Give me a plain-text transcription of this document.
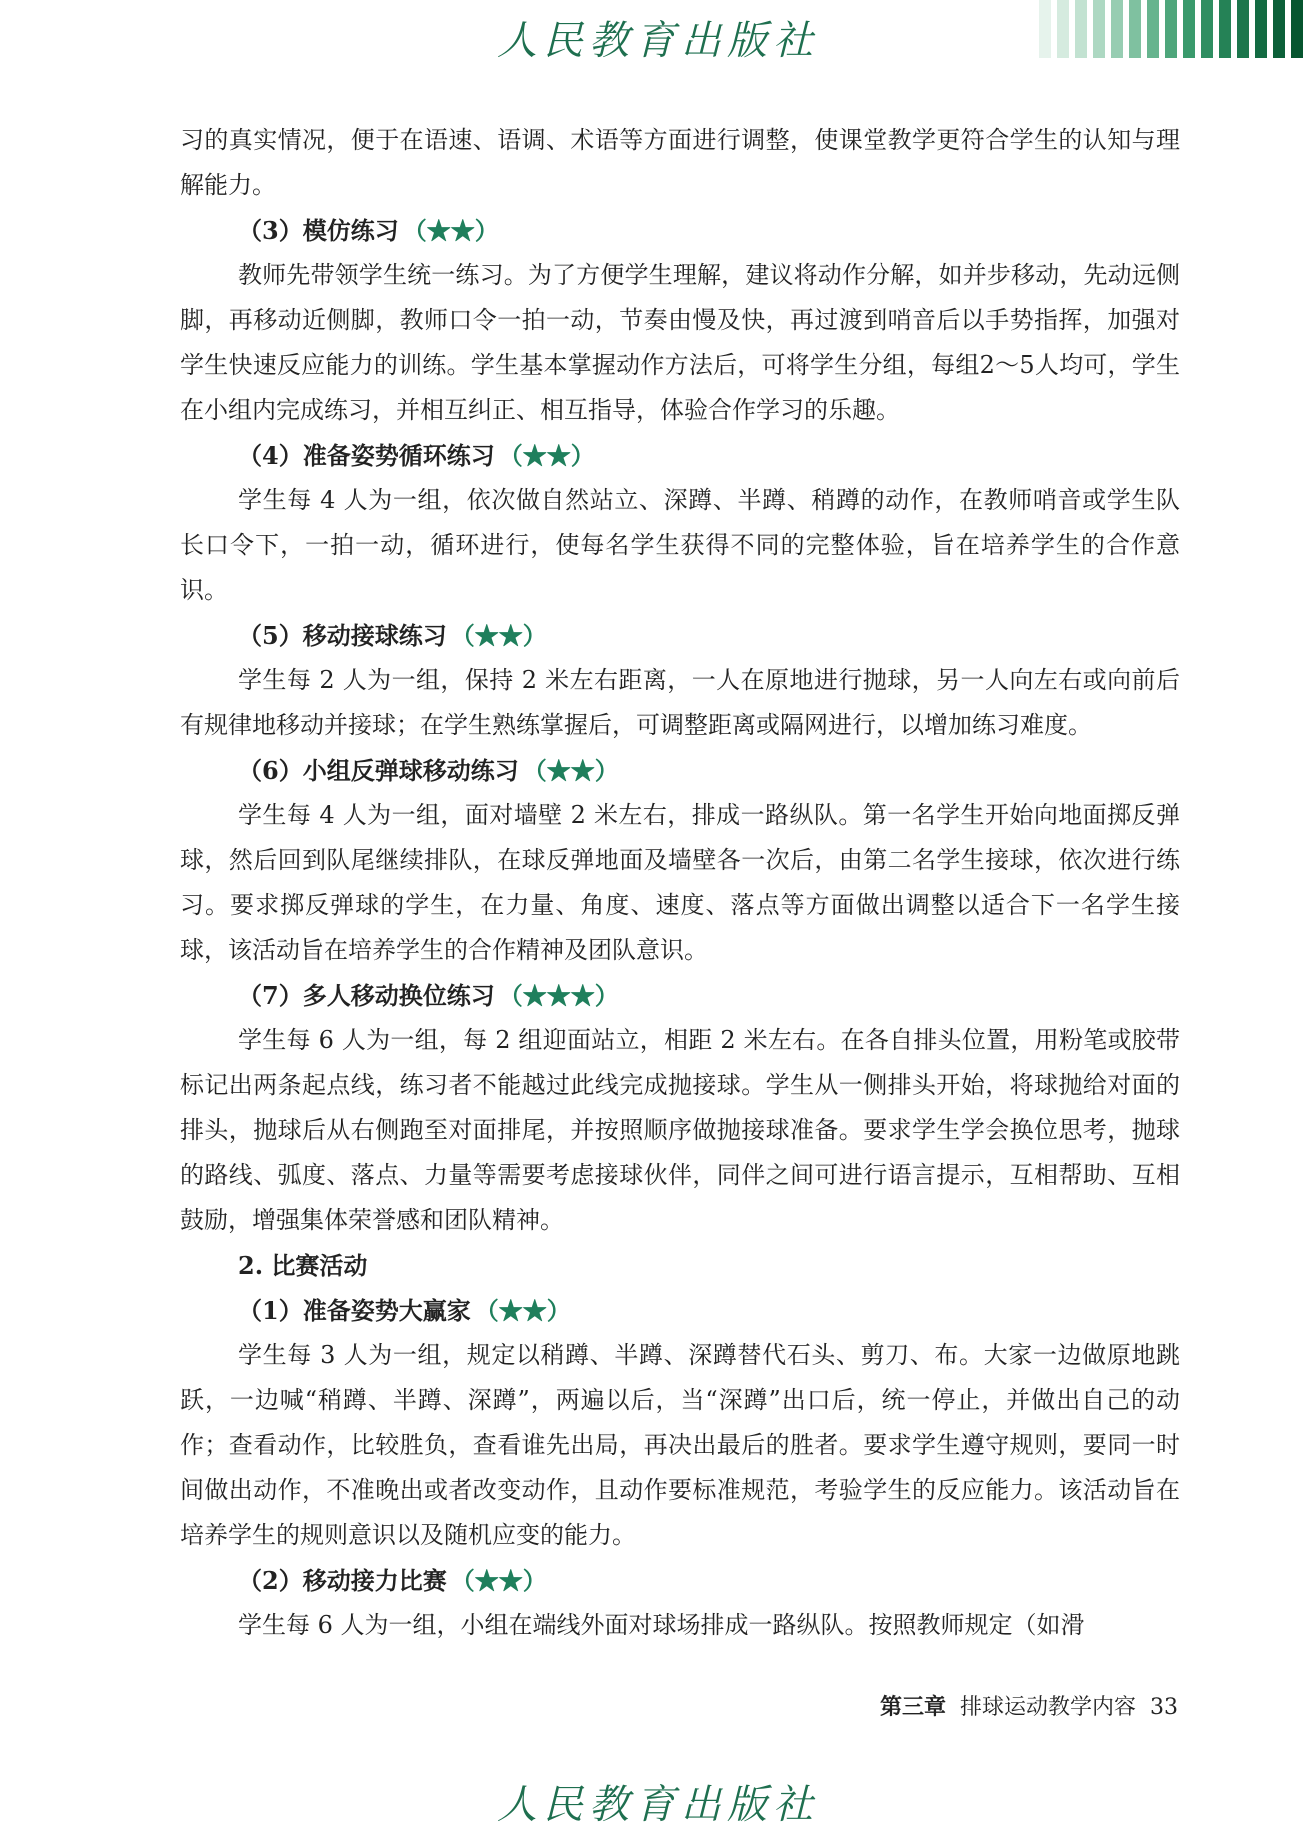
人民教育出版社

习的真实情况，便于在语速、语调、术语等方面进行调整，使课堂教学更符合学生的认知与理解能力。

（3）模仿练习 （★★）

教师先带领学生统一练习。为了方便学生理解，建议将动作分解，如并步移动，先动远侧脚，再移动近侧脚，教师口令一拍一动，节奏由慢及快，再过渡到哨音后以手势指挥，加强对学生快速反应能力的训练。学生基本掌握动作方法后，可将学生分组，每组2～5人均可，学生在小组内完成练习，并相互纠正、相互指导，体验合作学习的乐趣。

（4）准备姿势循环练习 （★★）

学生每 4 人为一组，依次做自然站立、深蹲、半蹲、稍蹲的动作，在教师哨音或学生队长口令下，一拍一动，循环进行，使每名学生获得不同的完整体验，旨在培养学生的合作意识。

（5）移动接球练习 （★★）

学生每 2 人为一组，保持 2 米左右距离，一人在原地进行抛球，另一人向左右或向前后有规律地移动并接球；在学生熟练掌握后，可调整距离或隔网进行，以增加练习难度。

（6）小组反弹球移动练习 （★★）

学生每 4 人为一组，面对墙壁 2 米左右，排成一路纵队。第一名学生开始向地面掷反弹球，然后回到队尾继续排队，在球反弹地面及墙壁各一次后，由第二名学生接球，依次进行练习。要求掷反弹球的学生，在力量、角度、速度、落点等方面做出调整以适合下一名学生接球，该活动旨在培养学生的合作精神及团队意识。

（7）多人移动换位练习 （★★★）

学生每 6 人为一组，每 2 组迎面站立，相距 2 米左右。在各自排头位置，用粉笔或胶带标记出两条起点线，练习者不能越过此线完成抛接球。学生从一侧排头开始，将球抛给对面的排头，抛球后从右侧跑至对面排尾，并按照顺序做抛接球准备。要求学生学会换位思考，抛球的路线、弧度、落点、力量等需要考虑接球伙伴，同伴之间可进行语言提示，互相帮助、互相鼓励，增强集体荣誉感和团队精神。

2. 比赛活动
（1）准备姿势大赢家 （★★）

学生每 3 人为一组，规定以稍蹲、半蹲、深蹲替代石头、剪刀、布。大家一边做原地跳跃，一边喊“稍蹲、半蹲、深蹲”，两遍以后，当“深蹲”出口后，统一停止，并做出自己的动作；查看动作，比较胜负，查看谁先出局，再决出最后的胜者。要求学生遵守规则，要同一时间做出动作，不准晚出或者改变动作，且动作要标准规范，考验学生的反应能力。该活动旨在培养学生的规则意识以及随机应变的能力。

（2）移动接力比赛 （★★）

学生每 6 人为一组，小组在端线外面对球场排成一路纵队。按照教师规定（如滑

第三章 排球运动教学内容 33
人民教育出版社
